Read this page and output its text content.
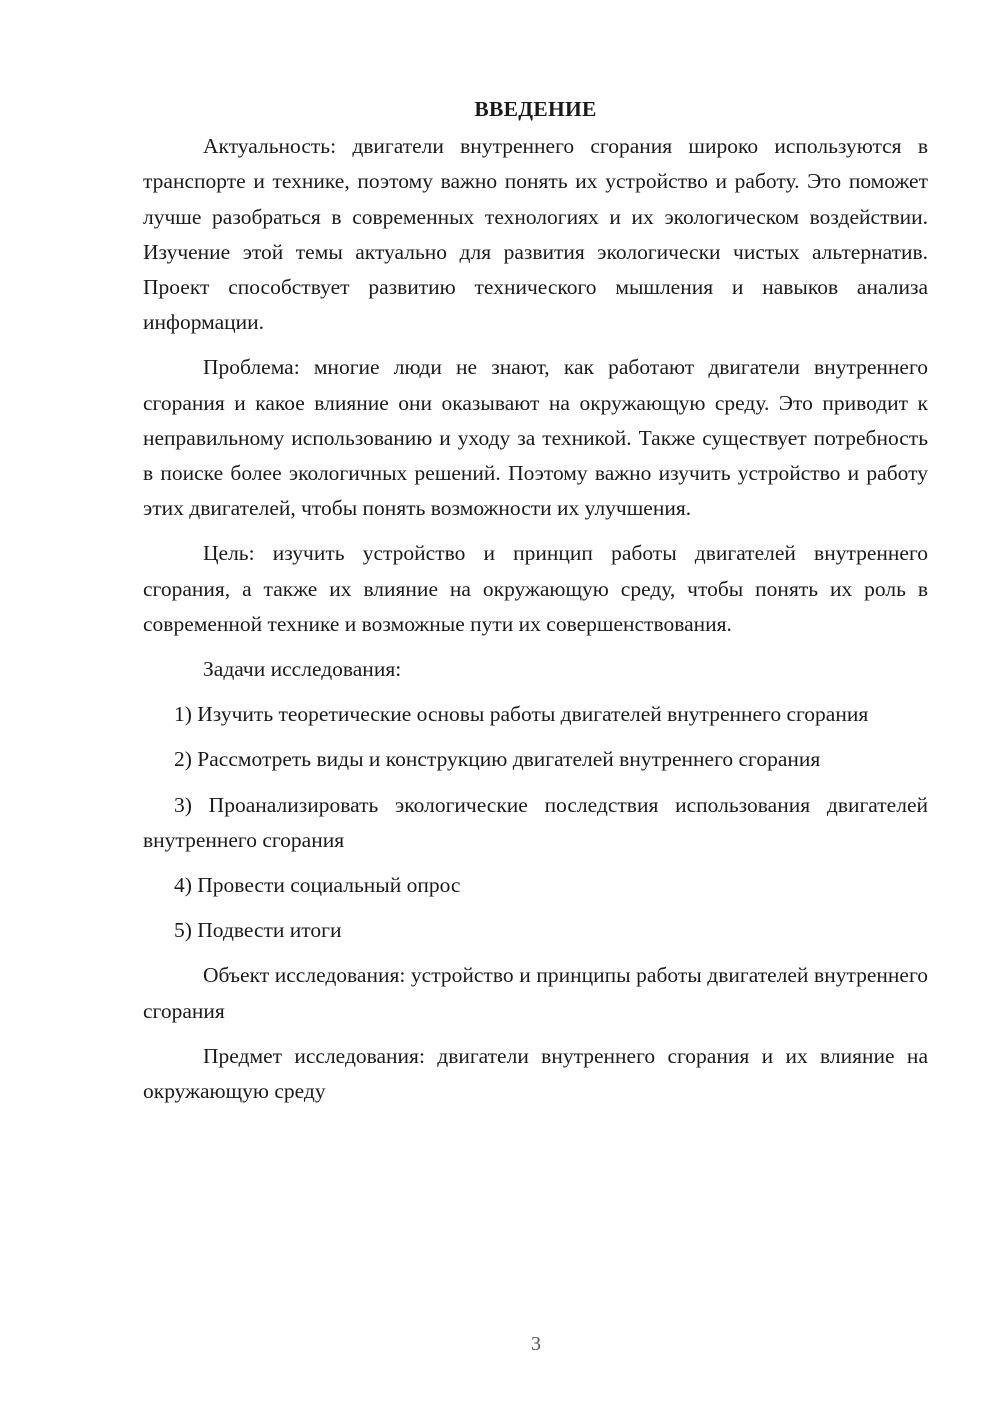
ВВЕДЕНИЕ

Актуальность: двигатели внутреннего сгорания широко используются в транспорте и технике, поэтому важно понять их устройство и работу. Это поможет лучше разобраться в современных технологиях и их экологическом воздействии. Изучение этой темы актуально для развития экологически чистых альтернатив. Проект способствует развитию технического мышления и навыков анализа информации.

Проблема: многие люди не знают, как работают двигатели внутреннего сгорания и какое влияние они оказывают на окружающую среду. Это приводит к неправильному использованию и уходу за техникой. Также существует потребность в поиске более экологичных решений. Поэтому важно изучить устройство и работу этих двигателей, чтобы понять возможности их улучшения.

Цель: изучить устройство и принцип работы двигателей внутреннего сгорания, а также их влияние на окружающую среду, чтобы понять их роль в современной технике и возможные пути их совершенствования.

Задачи исследования:

1) Изучить теоретические основы работы двигателей внутреннего сгорания

2) Рассмотреть виды и конструкцию двигателей внутреннего сгорания

3) Проанализировать экологические последствия использования двигателей внутреннего сгорания

4) Провести социальный опрос

5) Подвести итоги

Объект исследования: устройство и принципы работы двигателей внутреннего сгорания

Предмет исследования: двигатели внутреннего сгорания и их влияние на окружающую среду

3
